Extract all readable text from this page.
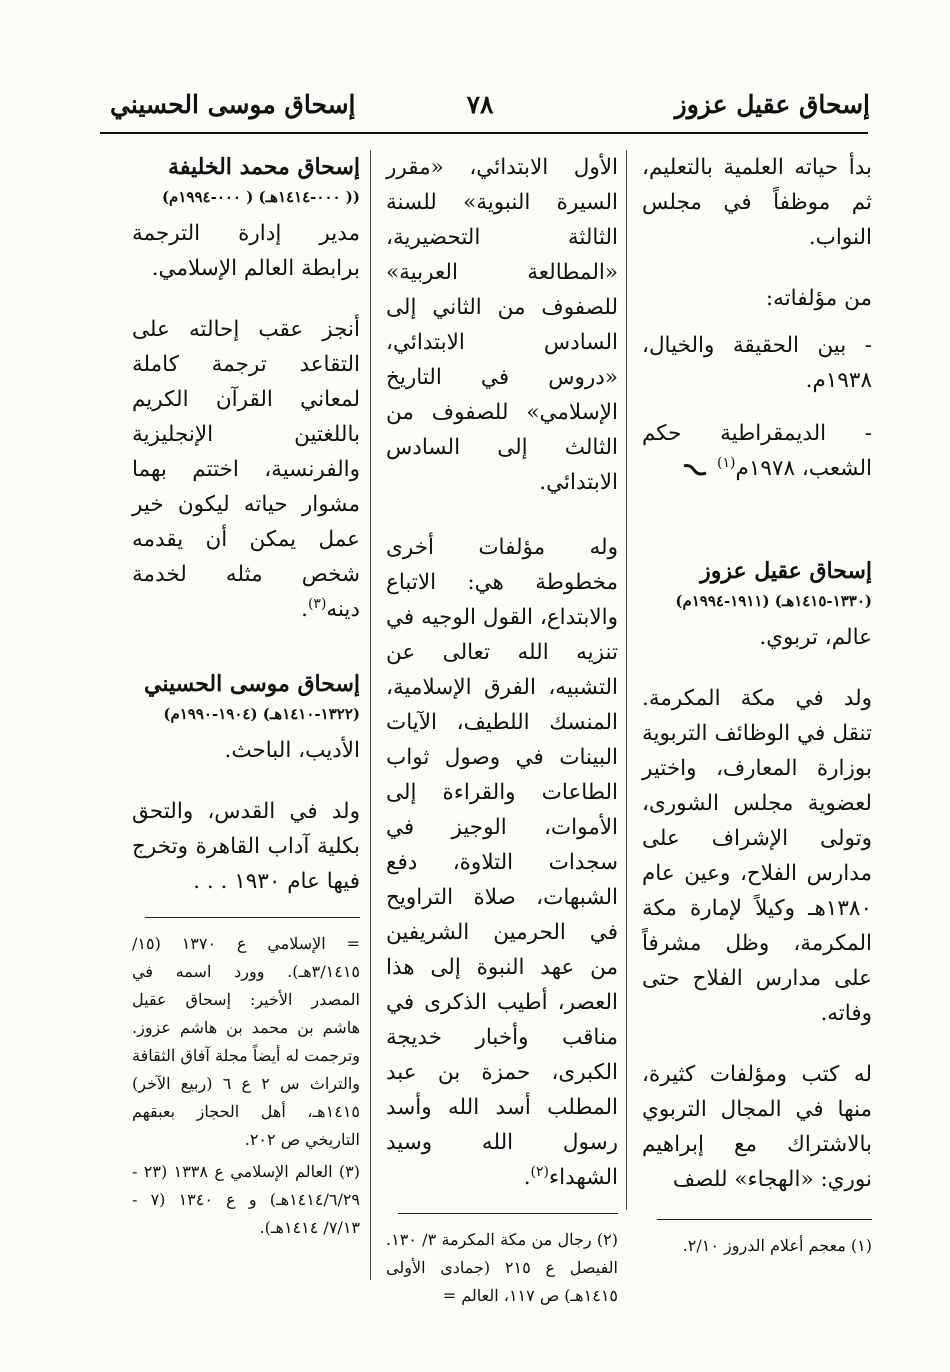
إسحاق عقيل عزوز
٧٨
إسحاق موسى الحسيني

بدأ حياته العلمية بالتعليم، ثم موظفاً في مجلس النواب.

من مؤلفاته:

- بين الحقيقة والخيال، ١٩٣٨م.

- الديمقراطية حكم الشعب، ١٩٧٨م$^{(١)}$

إسحاق عقيل عزوز

(١٣٣٠-١٤١٥هـ) (١٩١١-١٩٩٤م)

عالم، تربوي.

ولد في مكة المكرمة. تنقل في الوظائف التربوية بوزارة المعارف، واختير لعضوية مجلس الشورى، وتولى الإشراف على مدارس الفلاح، وعين عام ١٣٨٠هـ وكيلاً لإمارة مكة المكرمة، وظل مشرفاً على مدارس الفلاح حتى وفاته.

له كتب ومؤلفات كثيرة، منها في المجال التربوي بالاشتراك مع إبراهيم نوري: «الهجاء» للصف

(١) معجم أعلام الدروز ٢/١٠.

الأول الابتدائي، «مقرر السيرة النبوية» للسنة الثالثة التحضيرية، «المطالعة العربية» للصفوف من الثاني إلى السادس الابتدائي، «دروس في التاريخ الإسلامي» للصفوف من الثالث إلى السادس الابتدائي.

وله مؤلفات أخرى مخطوطة هي: الاتباع والابتداع، القول الوجيه في تنزيه الله تعالى عن التشبيه، الفرق الإسلامية، المنسك اللطيف، الآيات البينات في وصول ثواب الطاعات والقراءة إلى الأموات، الوجيز في سجدات التلاوة، دفع الشبهات، صلاة التراويح في الحرمين الشريفين من عهد النبوة إلى هذا العصر، أطيب الذكرى في مناقب وأخبار خديجة الكبرى، حمزة بن عبد المطلب أسد الله وأسد رسول الله وسيد الشهداء$^{(٢)}$.

(٢) رجال من مكة المكرمة ٣/ ١٣٠. الفيصل ع ٢١٥ (جمادى الأولى ١٤١٥هـ) ص ١١٧، العالم =

إسحاق محمد الخليفة

(( ٠٠٠-١٤١٤هـ) ( ٠٠٠-١٩٩٤م)

مدير إدارة الترجمة برابطة العالم الإسلامي.

أنجز عقب إحالته على التقاعد ترجمة كاملة لمعاني القرآن الكريم باللغتين الإنجليزية والفرنسية، اختتم بهما مشوار حياته ليكون خير عمل يمكن أن يقدمه شخص مثله لخدمة دينه$^{(٣)}$.

إسحاق موسى الحسيني

(١٣٢٢-١٤١٠هـ) (١٩٠٤-١٩٩٠م)

الأديب، الباحث.

ولد في القدس، والتحق بكلية آداب القاهرة وتخرج فيها عام ١٩٣٠ . . .

= الإسلامي ع ١٣٧٠ (١٥/ ٣/١٤١٥هـ). وورد اسمه في المصدر الأخير: إسحاق عقيل هاشم بن محمد بن هاشم عزوز. وترجمت له أيضاً مجلة آفاق الثقافة والتراث س ٢ ع ٦ (ربيع الآخر) ١٤١٥هـ، أهل الحجاز بعبقهم التاريخي ص ٢٠٢.

(٣) العالم الإسلامي ع ١٣٣٨ (٢٣ - ١٤١٤/٦/٢٩هـ) و ع ١٣٤٠ (٧ - ٧/١٣/ ١٤١٤هـ).
